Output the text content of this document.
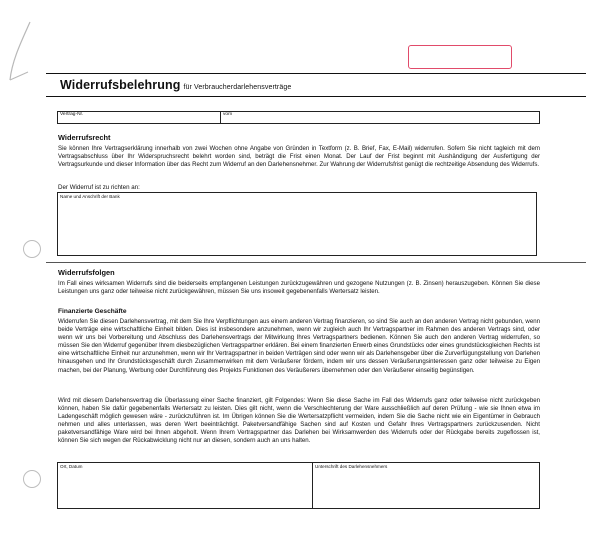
Widerrufsbelehrung für Verbraucherdarlehensverträge
Vertrag-Nr.	vom
Widerrufsrecht
Sie können Ihre Vertragserklärung innerhalb von zwei Wochen ohne Angabe von Gründen in Textform (z. B. Brief, Fax, E-Mail) widerrufen. Sofern Sie nicht tagleich mit dem Vertragsabschluss über Ihr Widerspruchsrecht belehrt worden sind, beträgt die Frist einen Monat. Der Lauf der Frist beginnt mit Aushändigung der Ausfertigung der Vertragsurkunde und dieser Information über das Recht zum Widerruf an den Darlehensnehmer. Zur Wahrung der Widerrufsfrist genügt die rechtzeitige Absendung des Widerrufs.
Der Widerruf ist zu richten an:
Name und Anschrift der Bank
Widerrufsfolgen
Im Fall eines wirksamen Widerrufs sind die beiderseits empfangenen Leistungen zurückzugewähren und gezogene Nutzungen (z. B. Zinsen) herauszugeben. Können Sie diese Leistungen uns ganz oder teilweise nicht zurückgewähren, müssen Sie uns insoweit gegebenenfalls Wertersatz leisten.
Finanzierte Geschäfte
Widerrufen Sie diesen Darlehensvertrag, mit dem Sie Ihre Verpflichtungen aus einem anderen Vertrag finanzieren, so sind Sie auch an den anderen Vertrag nicht gebunden, wenn beide Verträge eine wirtschaftliche Einheit bilden. Dies ist insbesondere anzunehmen, wenn wir zugleich auch Ihr Vertragspartner im Rahmen des anderen Vertrags sind, oder wenn wir uns bei Vorbereitung und Abschluss des Darlehensvertrags der Mitwirkung Ihres Vertragspartners bedienen. Können Sie auch den anderen Vertrag widerrufen, so müssen Sie den Widerruf gegenüber Ihrem diesbezüglichen Vertragspartner erklären. Bei einem finanzierten Erwerb eines Grundstücks oder eines grundstücksgleichen Rechts ist eine wirtschaftliche Einheit nur anzunehmen, wenn wir Ihr Vertragspartner in beiden Verträgen sind oder wenn wir als Darlehensgeber über die Zurverfügungstellung von Darlehen hinausgehen und Ihr Grundstücksgeschäft durch Zusammenwirken mit dem Veräußerer fördern, indem wir uns dessen Veräußerungsinteressen ganz oder teilweise zu Eigen machen, bei der Planung, Werbung oder Durchführung des Projekts Funktionen des Veräußerers übernehmen oder den Veräußerer einseitig begünstigen.
Wird mit diesem Darlehensvertrag die Überlassung einer Sache finanziert, gilt Folgendes: Wenn Sie diese Sache im Fall des Widerrufs ganz oder teilweise nicht zurückgeben können, haben Sie dafür gegebenenfalls Wertersatz zu leisten. Dies gilt nicht, wenn die Verschlechterung der Ware ausschließlich auf deren Prüfung - wie sie Ihnen etwa im Ladengeschäft möglich gewesen wäre - zurückzuführen ist. Im Übrigen können Sie die Wertersatzpflicht vermeiden, indem Sie die Sache nicht wie ein Eigentümer in Gebrauch nehmen und alles unterlassen, was deren Wert beeinträchtigt. Paketversandfähige Sachen sind auf Kosten und Gefahr Ihres Vertragspartners zurückzusenden. Nicht paketversandfähige Ware wird bei Ihnen abgeholt. Wenn Ihrem Vertragspartner das Darlehen bei Wirksamwerden des Widerrufs oder der Rückgabe bereits zugeflossen ist, können Sie sich wegen der Rückabwicklung nicht nur an diesen, sondern auch an uns halten.
Ort, Datum	Unterschrift des Darlehensnehmers
